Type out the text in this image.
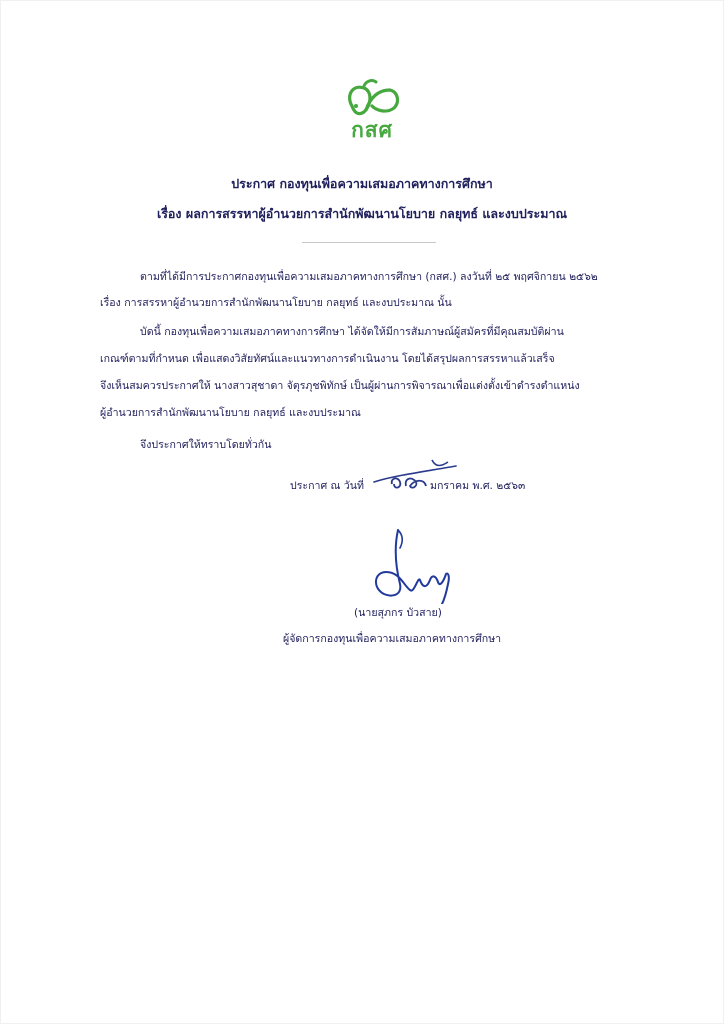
กสศ
ประกาศ กองทุนเพื่อความเสมอภาคทางการศึกษา
เรื่อง ผลการสรรหาผู้อำนวยการสำนักพัฒนานโยบาย กลยุทธ์ และงบประมาณ
ตามที่ได้มีการประกาศกองทุนเพื่อความเสมอภาคทางการศึกษา (กสศ.) ลงวันที่ ๒๕ พฤศจิกายน ๒๕๖๒
เรื่อง การสรรหาผู้อำนวยการสำนักพัฒนานโยบาย กลยุทธ์ และงบประมาณ นั้น
บัดนี้ กองทุนเพื่อความเสมอภาคทางการศึกษา ได้จัดให้มีการสัมภาษณ์ผู้สมัครที่มีคุณสมบัติผ่าน
เกณฑ์ตามที่กำหนด เพื่อแสดงวิสัยทัศน์และแนวทางการดำเนินงาน โดยได้สรุปผลการสรรหาแล้วเสร็จ
จึงเห็นสมควรประกาศให้ นางสาวสุชาดา จัตุรภุชพิทักษ์ เป็นผู้ผ่านการพิจารณาเพื่อแต่งตั้งเข้าดำรงตำแหน่ง
ผู้อำนวยการสำนักพัฒนานโยบาย กลยุทธ์ และงบประมาณ
จึงประกาศให้ทราบโดยทั่วกัน
ประกาศ ณ วันที่	มกราคม พ.ศ. ๒๕๖๓
(นายสุภกร บัวสาย)
ผู้จัดการกองทุนเพื่อความเสมอภาคทางการศึกษา
